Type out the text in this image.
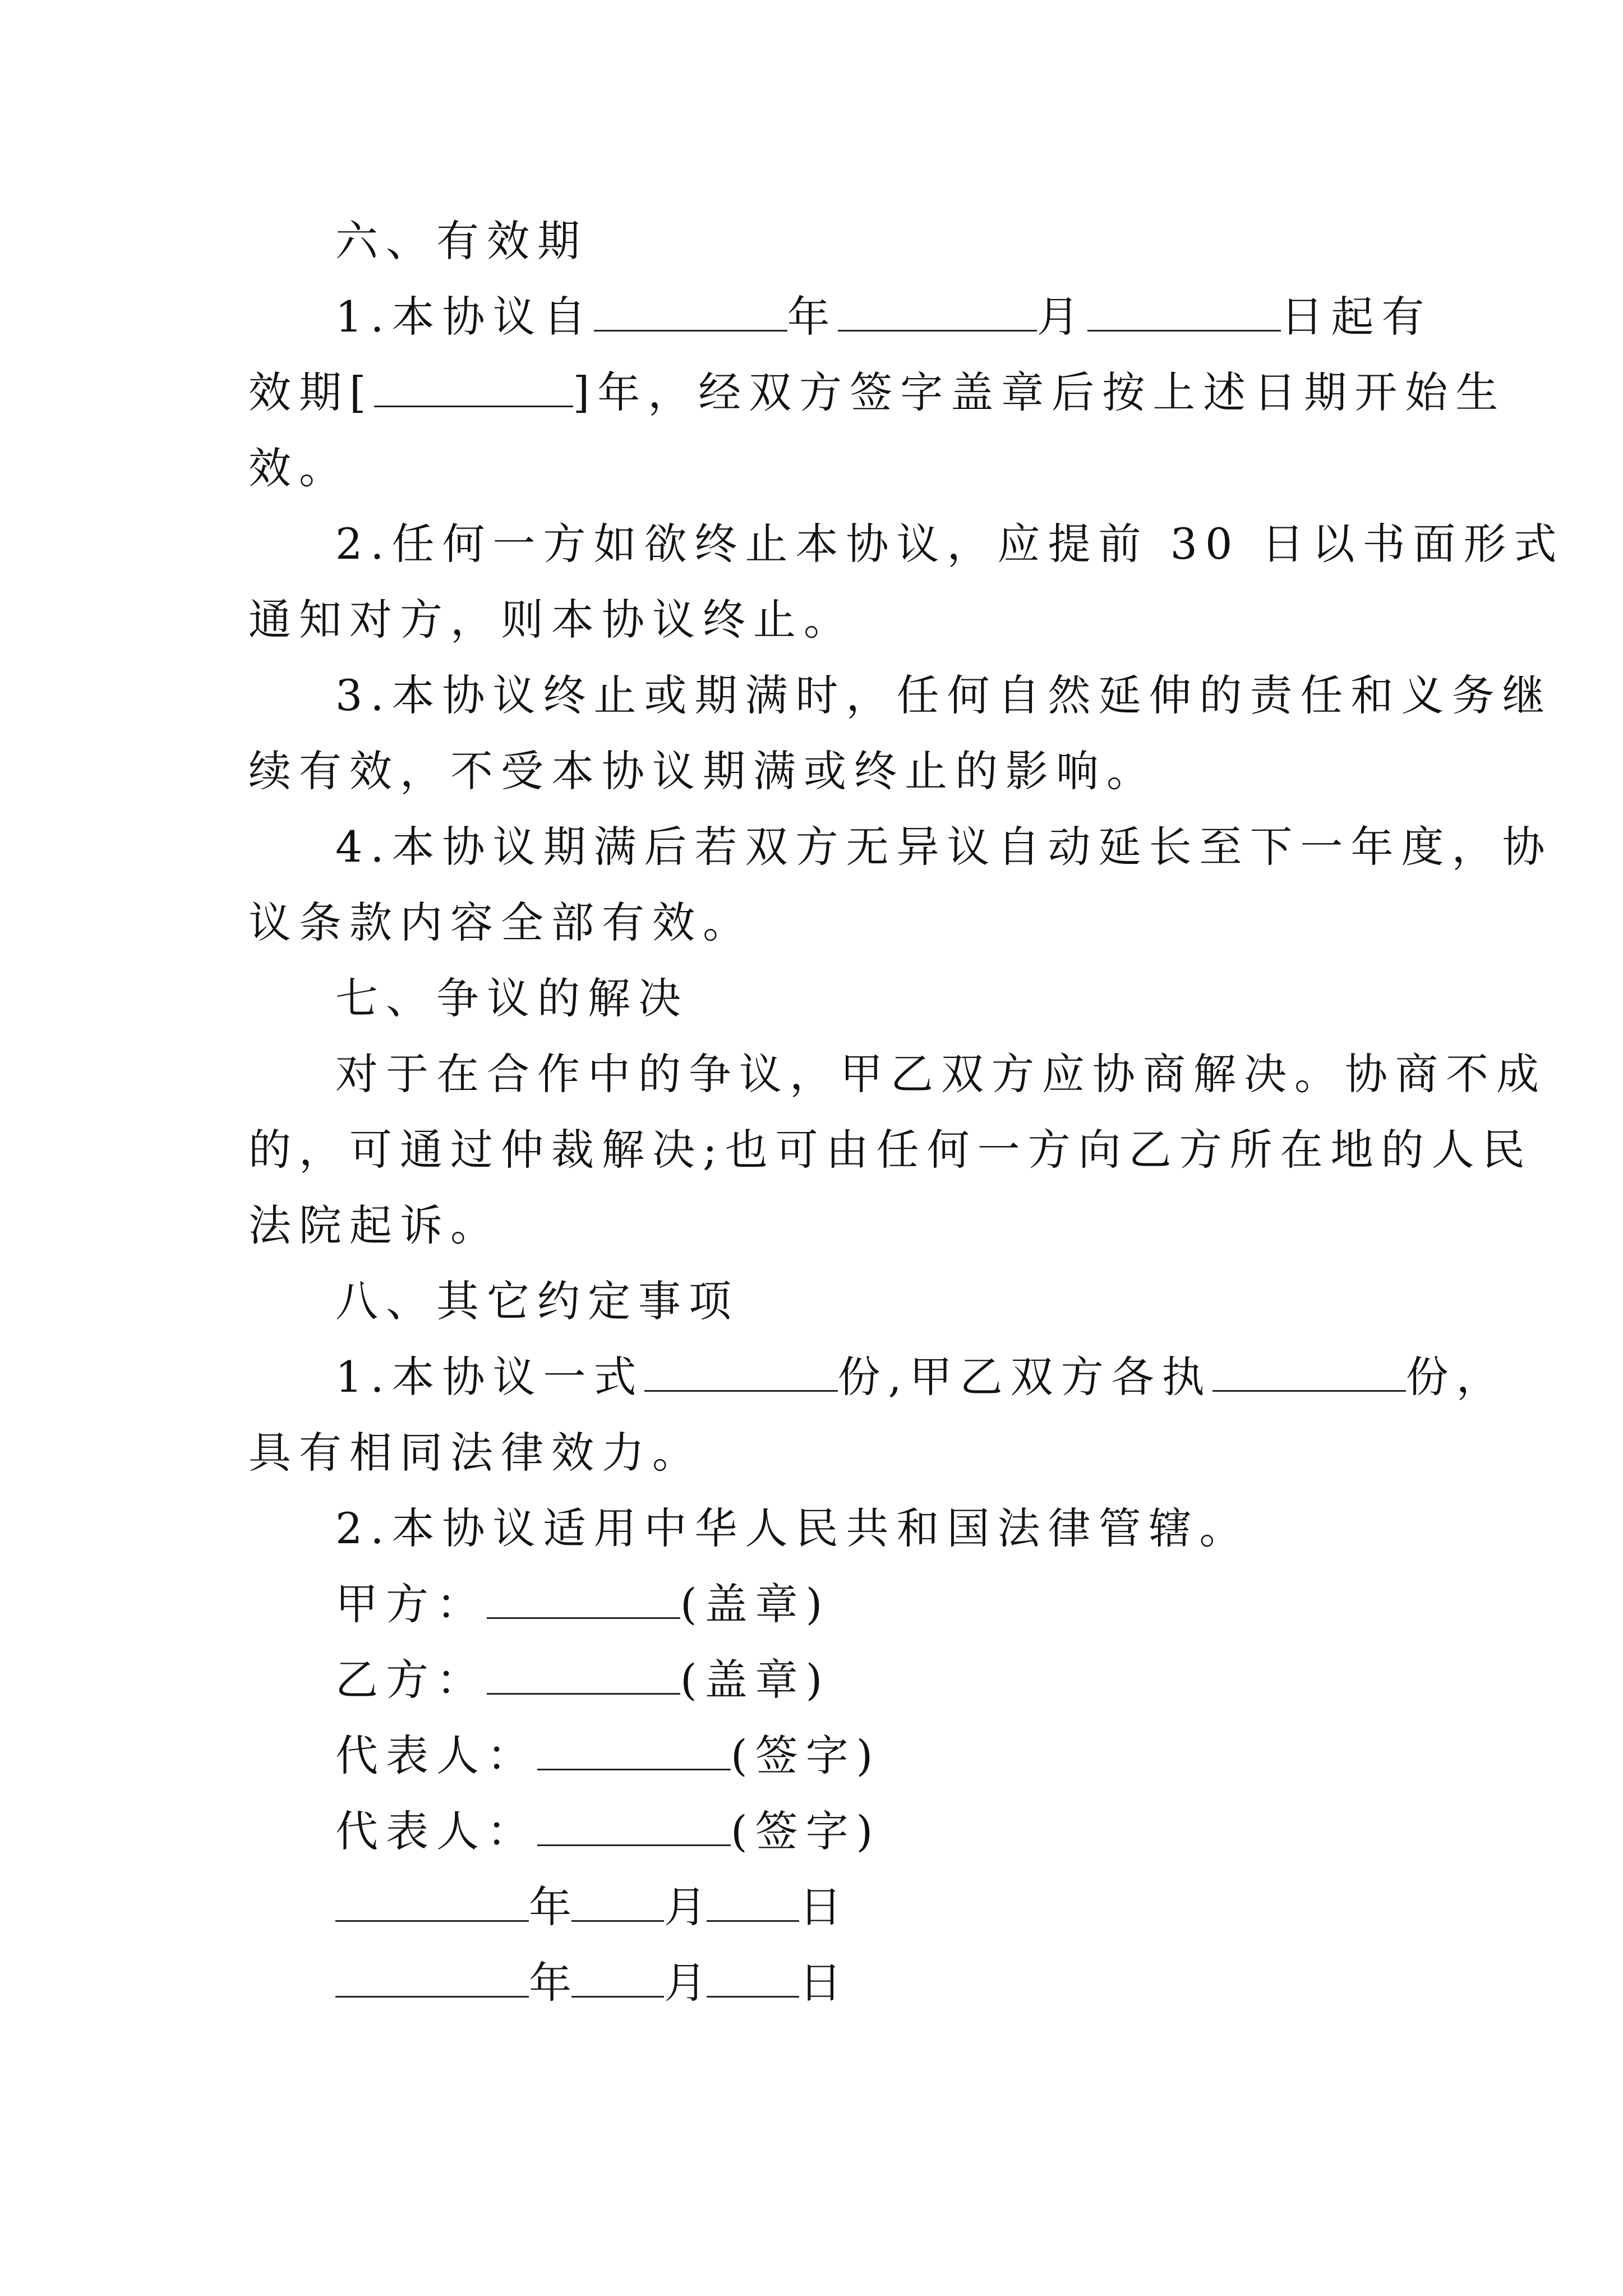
六、有效期

1.本协议自	年	月	日起有

效期[	]年，经双方签字盖章后按上述日期开始生

效。

2.任何一方如欲终止本协议，应提前 30 日以书面形式

通知对方，则本协议终止。

3.本协议终止或期满时，任何自然延伸的责任和义务继

续有效，不受本协议期满或终止的影响。

4.本协议期满后若双方无异议自动延长至下一年度，协

议条款内容全部有效。

七、争议的解决

对于在合作中的争议，甲乙双方应协商解决。协商不成

的，可通过仲裁解决;也可由任何一方向乙方所在地的人民

法院起诉。

八、其它约定事项

1.本协议一式	份,甲乙双方各执	份，

具有相同法律效力。

2.本协议适用中华人民共和国法律管辖。

甲方：	(盖章)

乙方：	(盖章)

代表人：	(签字)

代表人：	(签字)

年 月 日

年 月 日
